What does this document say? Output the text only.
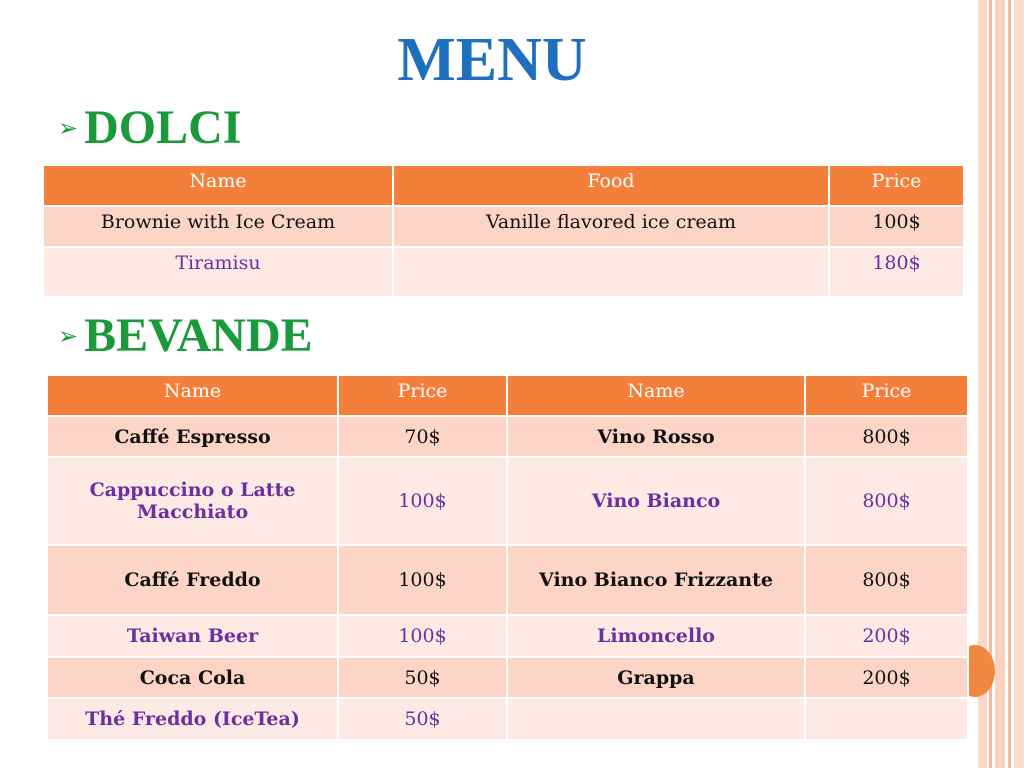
MENU
➢ DOLCI
Name	Food	Price
Brownie with Ice Cream	Vanille flavored ice cream	100$
Tiramisu		180$
➢ BEVANDE
Name	Price	Name	Price
Caffé Espresso	70$	Vino Rosso	800$
Cappuccino o Latte Macchiato	100$	Vino Bianco	800$
Caffé Freddo	100$	Vino Bianco Frizzante	800$
Taiwan Beer	100$	Limoncello	200$
Coca Cola	50$	Grappa	200$
Thé Freddo (IceTea)	50$		
